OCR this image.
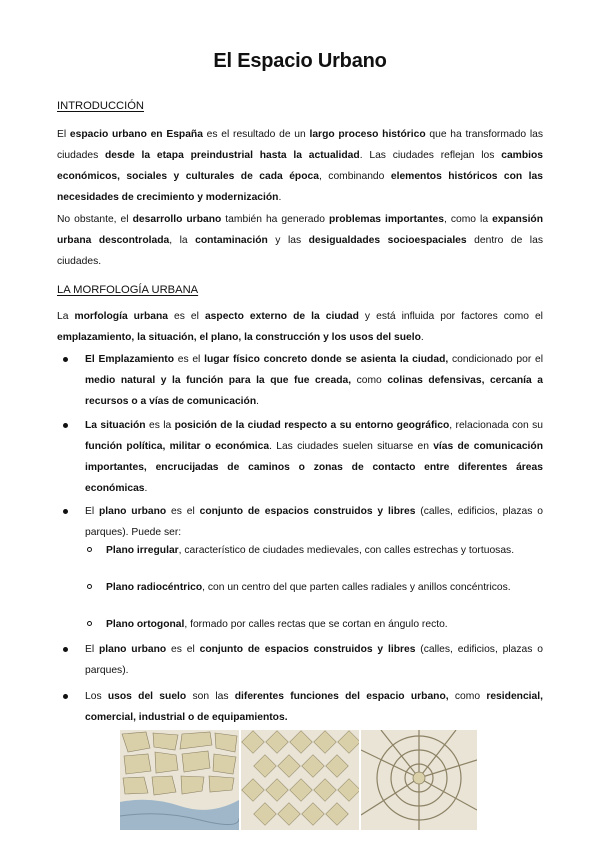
El Espacio Urbano
INTRODUCCIÓN

El espacio urbano en España es el resultado de un largo proceso histórico que ha transformado las ciudades desde la etapa preindustrial hasta la actualidad. Las ciudades reflejan los cambios económicos, sociales y culturales de cada época, combinando elementos históricos con las necesidades de crecimiento y modernización.

No obstante, el desarrollo urbano también ha generado problemas importantes, como la expansión urbana descontrolada, la contaminación y las desigualdades socioespaciales dentro de las ciudades.

LA MORFOLOGÍA URBANA

La morfología urbana es el aspecto externo de la ciudad y está influida por factores como el emplazamiento, la situación, el plano, la construcción y los usos del suelo.

El Emplazamiento es el lugar físico concreto donde se asienta la ciudad, condicionado por el medio natural y la función para la que fue creada, como colinas defensivas, cercanía a recursos o a vías de comunicación.
La situación es la posición de la ciudad respecto a su entorno geográfico, relacionada con su función política, militar o económica. Las ciudades suelen situarse en vías de comunicación importantes, encrucijadas de caminos o zonas de contacto entre diferentes áreas económicas.
El plano urbano es el conjunto de espacios construidos y libres (calles, edificios, plazas o parques). Puede ser:
Plano irregular, característico de ciudades medievales, con calles estrechas y tortuosas.
Plano radiocéntrico, con un centro del que parten calles radiales y anillos concéntricos.
Plano ortogonal, formado por calles rectas que se cortan en ángulo recto.
El plano urbano es el conjunto de espacios construidos y libres (calles, edificios, plazas o parques).
Los usos del suelo son las diferentes funciones del espacio urbano, como residencial, comercial, industrial o de equipamientos.
